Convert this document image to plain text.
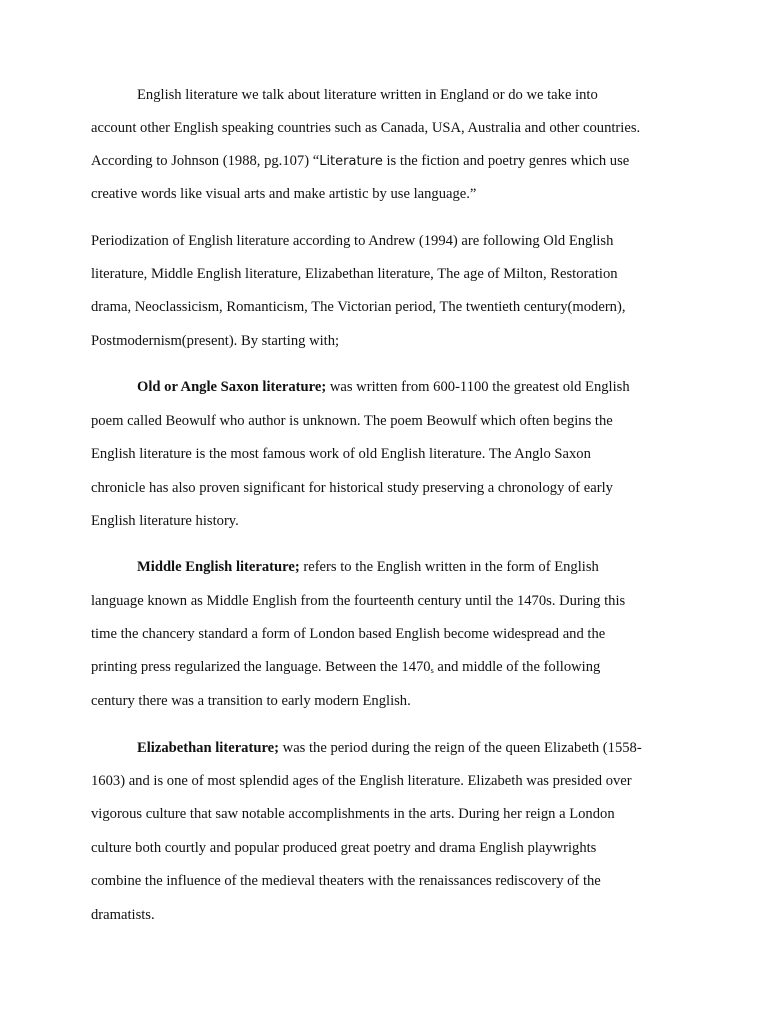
English literature we talk about literature written in England or do we take into
account other English speaking countries such as Canada, USA, Australia and other countries.
According to Johnson (1988, pg.107) “Literature is the fiction and poetry genres which use
creative words like visual arts and make artistic by use language.”
Periodization of English literature according to Andrew (1994) are following Old English
literature, Middle English literature, Elizabethan literature, The age of Milton, Restoration
drama, Neoclassicism, Romanticism, The Victorian period, The twentieth century(modern),
Postmodernism(present). By starting with;
Old or Angle Saxon literature; was written from 600-1100 the greatest old English
poem called Beowulf who author is unknown. The poem Beowulf which often begins the
English literature is the most famous work of old English literature. The Anglo Saxon
chronicle has also proven significant for historical study preserving a chronology of early
English literature history.
Middle English literature; refers to the English written in the form of English
language known as Middle English from the fourteenth century until the 1470s. During this
time the chancery standard a form of London based English become widespread and the
printing press regularized the language. Between the $1470_s$ and middle of the following
century there was a transition to early modern English.
Elizabethan literature; was the period during the reign of the queen Elizabeth (1558-
1603) and is one of most splendid ages of the English literature. Elizabeth was presided over
vigorous culture that saw notable accomplishments in the arts. During her reign a London
culture both courtly and popular produced great poetry and drama English playwrights
combine the influence of the medieval theaters with the renaissances rediscovery of the
dramatists.
